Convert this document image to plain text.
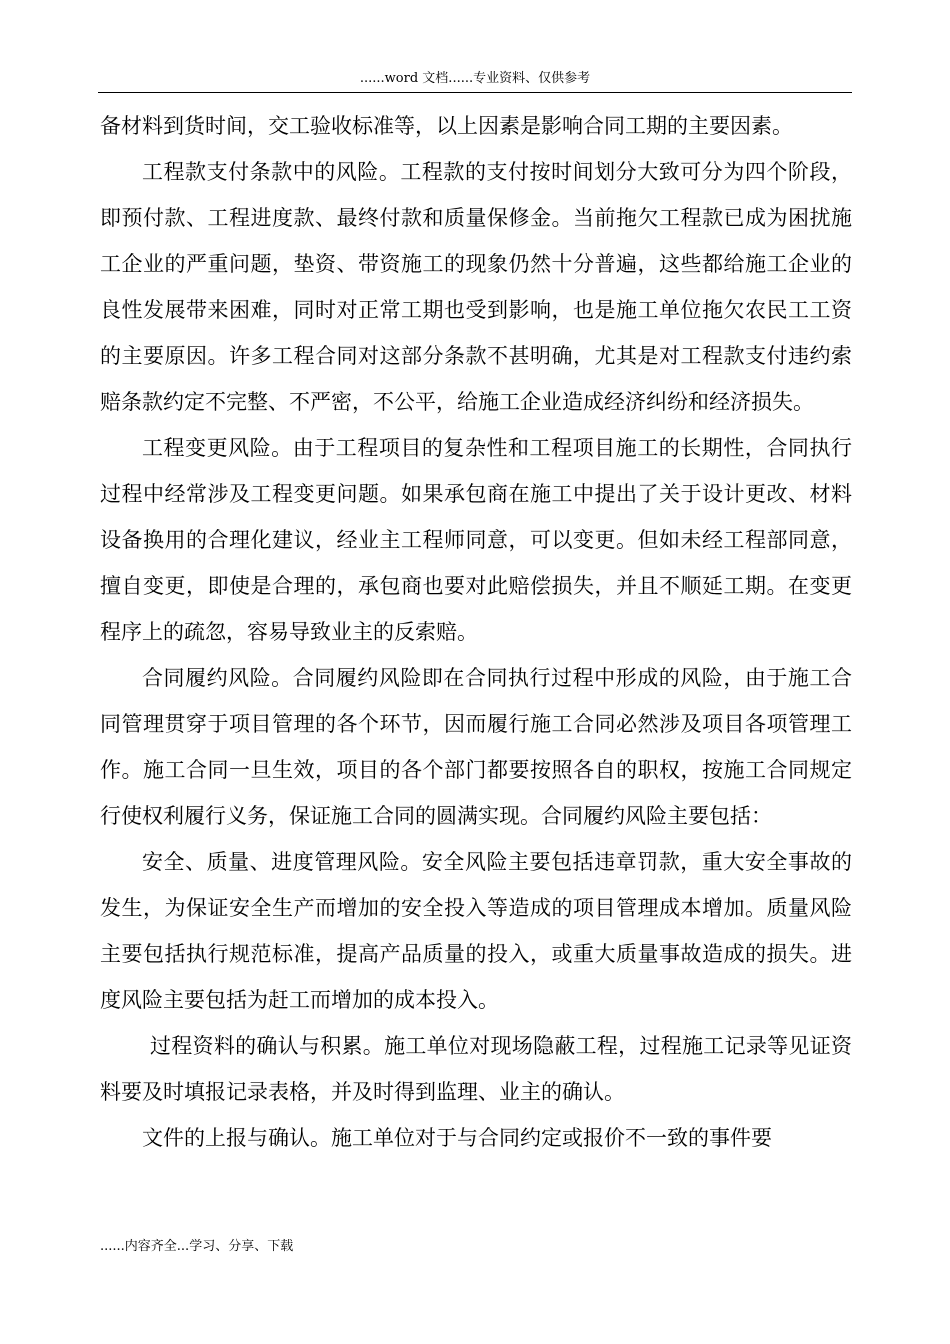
......word 文档......专业资料、仅供参考

备材料到货时间，交工验收标准等，以上因素是影响合同工期的主要因素。

工程款支付条款中的风险。工程款的支付按时间划分大致可分为四个阶段，即预付款、工程进度款、最终付款和质量保修金。当前拖欠工程款已成为困扰施工企业的严重问题，垫资、带资施工的现象仍然十分普遍，这些都给施工企业的良性发展带来困难，同时对正常工期也受到影响，也是施工单位拖欠农民工工资的主要原因。许多工程合同对这部分条款不甚明确，尤其是对工程款支付违约索赔条款约定不完整、不严密，不公平，给施工企业造成经济纠纷和经济损失。

工程变更风险。由于工程项目的复杂性和工程项目施工的长期性，合同执行过程中经常涉及工程变更问题。如果承包商在施工中提出了关于设计更改、材料设备换用的合理化建议，经业主工程师同意，可以变更。但如未经工程部同意，擅自变更，即使是合理的，承包商也要对此赔偿损失，并且不顺延工期。在变更程序上的疏忽，容易导致业主的反索赔。

合同履约风险。合同履约风险即在合同执行过程中形成的风险，由于施工合同管理贯穿于项目管理的各个环节，因而履行施工合同必然涉及项目各项管理工作。施工合同一旦生效，项目的各个部门都要按照各自的职权，按施工合同规定行使权利履行义务，保证施工合同的圆满实现。合同履约风险主要包括：

安全、质量、进度管理风险。安全风险主要包括违章罚款，重大安全事故的发生，为保证安全生产而增加的安全投入等造成的项目管理成本增加。质量风险主要包括执行规范标准，提高产品质量的投入，或重大质量事故造成的损失。进度风险主要包括为赶工而增加的成本投入。

过程资料的确认与积累。施工单位对现场隐蔽工程，过程施工记录等见证资料要及时填报记录表格，并及时得到监理、业主的确认。

文件的上报与确认。施工单位对于与合同约定或报价不一致的事件要

......内容齐全...学习、分享、下载
